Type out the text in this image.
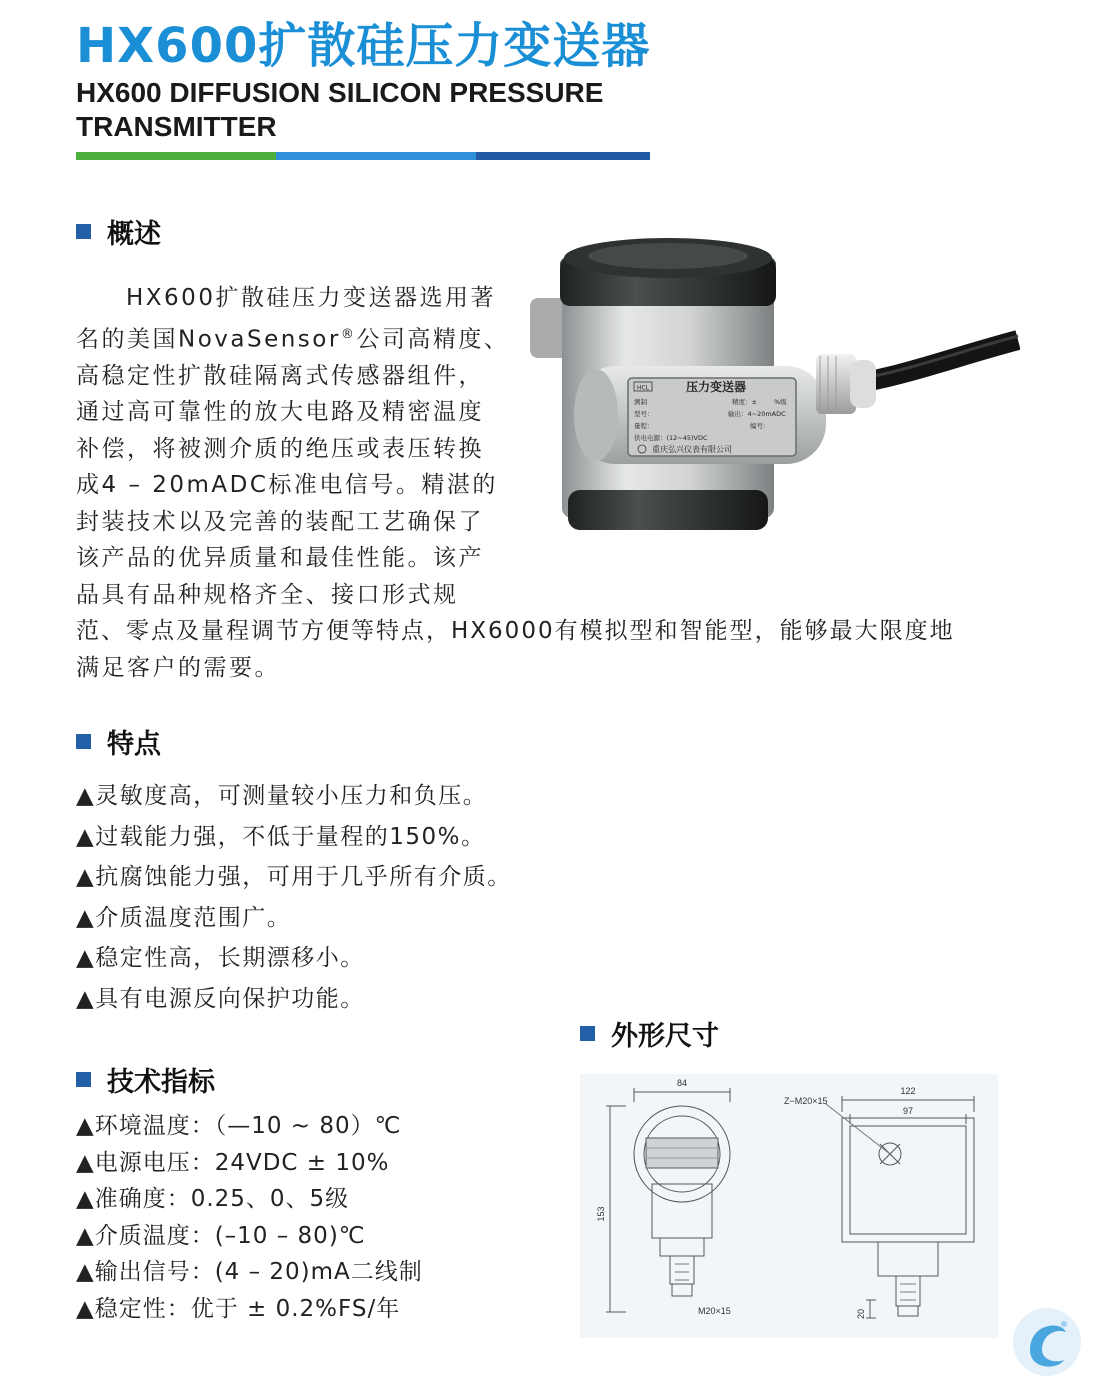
HX600扩散硅压力变送器
HX600 DIFFUSION SILICON PRESSURE TRANSMITTER
概述
HX600扩散硅压力变送器选用著
名的美国NovaSensor®公司高精度、
高稳定性扩散硅隔离式传感器组件，
通过高可靠性的放大电路及精密温度
补偿，将被测介质的绝压或表压转换
成4 – 20mADC标准电信号。精湛的
封装技术以及完善的装配工艺确保了
该产品的优异质量和最佳性能。该产
品具有品种规格齐全、接口形式规
范、零点及量程调节方便等特点，HX6000有模拟型和智能型，能够最大限度地
满足客户的需要。
HCL	压力变送器
测制	精度：±	%级
型号：	输出：4~20mADC
量程：	编号：
供电电源：(12~45)VDC
重庆弘兴仪表有限公司
特点
▲灵敏度高，可测量较小压力和负压。
▲过载能力强，不低于量程的150%。
▲抗腐蚀能力强，可用于几乎所有介质。
▲介质温度范围广。
▲稳定性高，长期漂移小。
▲具有电源反向保护功能。
技术指标
▲环境温度：（—10 ~ 80）℃
▲电源电压：24VDC ± 10%
▲准确度：0.25、0、5级
▲介质温度：(–10 – 80)℃
▲输出信号：(4 – 20)mA二线制
▲稳定性：优于 ± 0.2%FS/年
外形尺寸
84
153
M20×15
122
97
Z−M20×15
20
